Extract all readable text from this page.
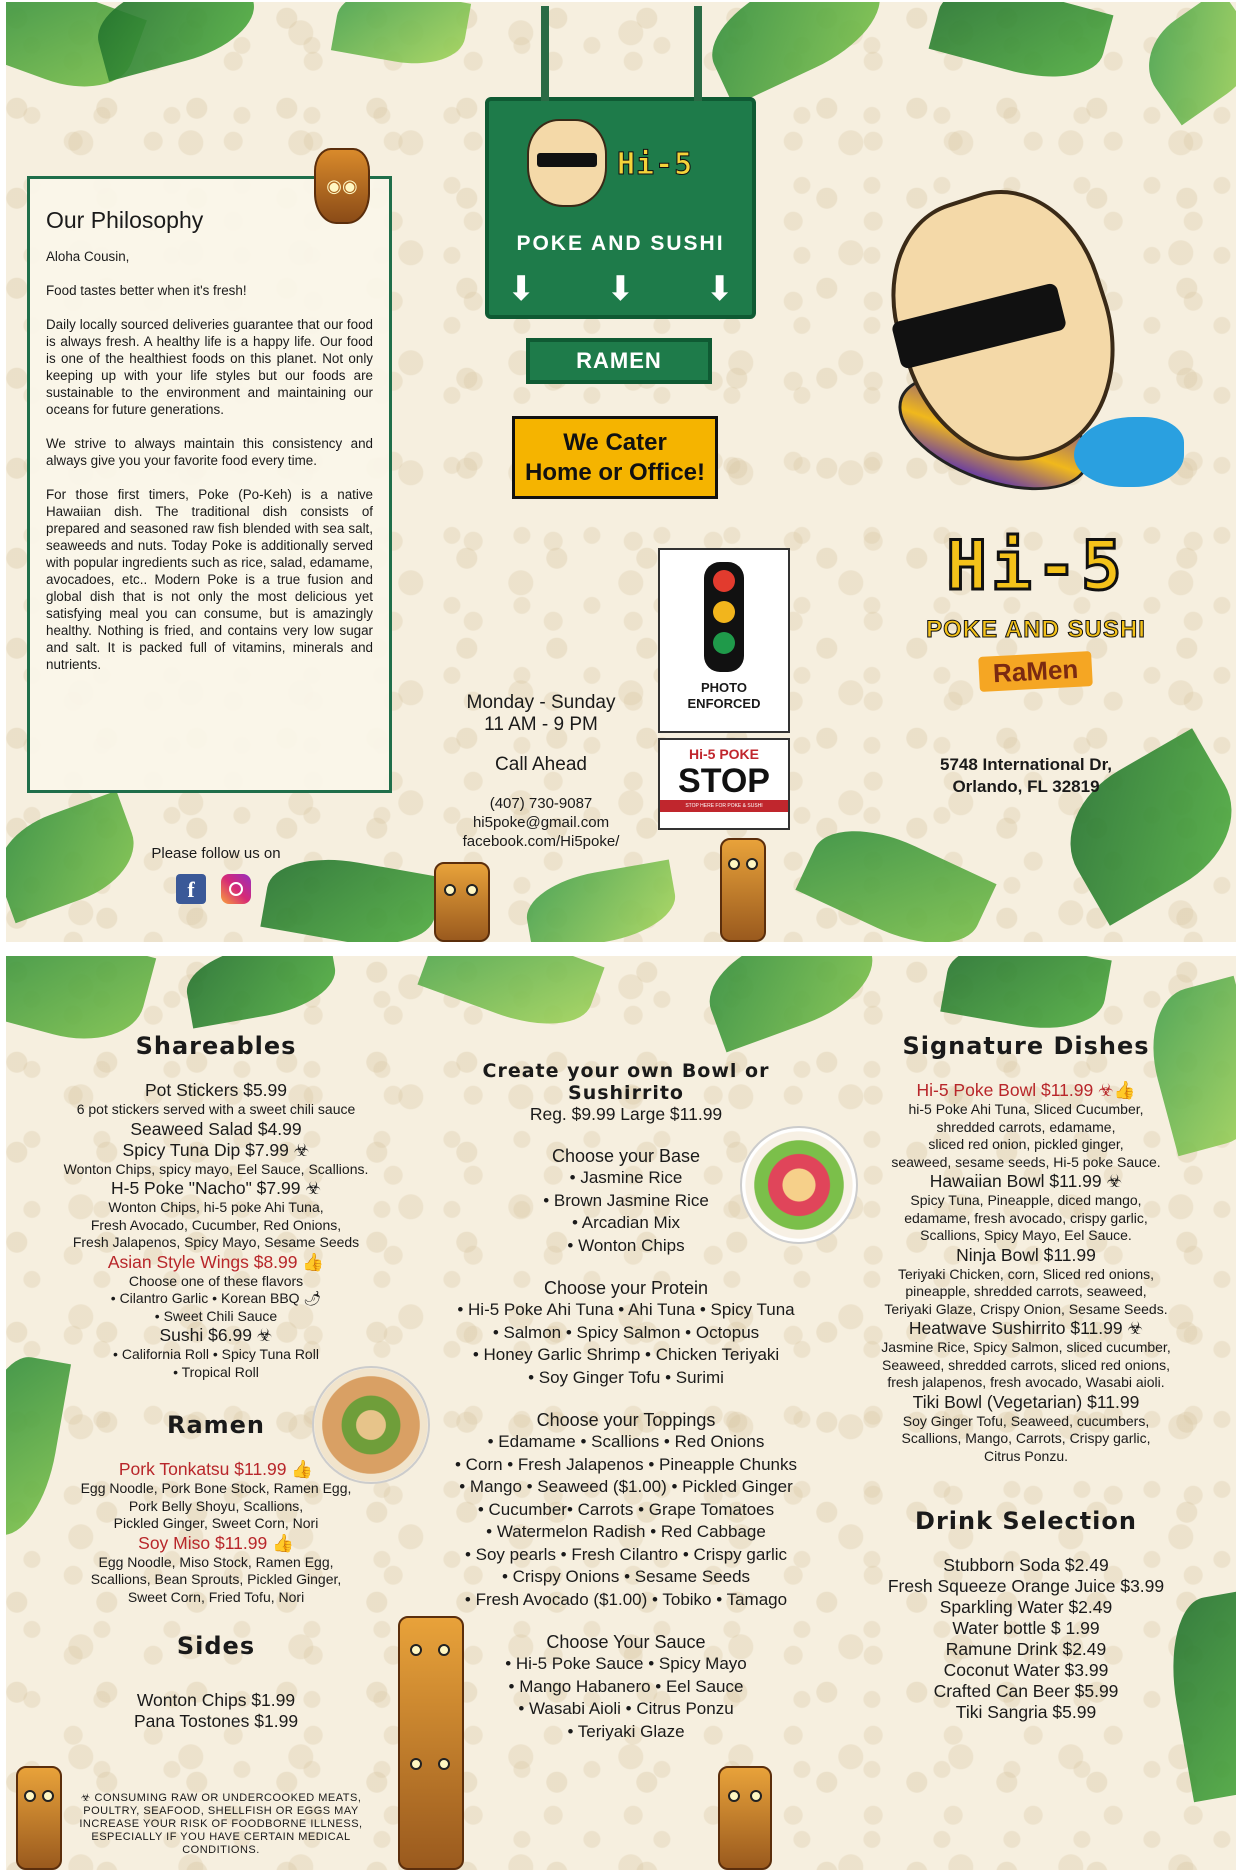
Our Philosophy

Aloha Cousin,

Food tastes better when it's fresh!

Daily locally sourced deliveries guarantee that our food is always fresh. A healthy life is a happy life. Our food is one of the healthiest foods on this planet. Not only keeping up with your life styles but our foods are sustainable to the environment and maintaining our oceans for future generations.

We strive to always maintain this consistency and always give you your favorite food every time.

For those first timers, Poke (Po-Keh) is a native Hawaiian dish. The traditional dish consists of prepared and seasoned raw fish blended with sea salt, seaweeds and nuts. Today Poke is additionally served with popular ingredients such as rice, salad, edamame, avocadoes, etc.. Modern Poke is a true fusion and global dish that is not only the most delicious yet satisfying meal you can consume, but is amazingly healthy. Nothing is fried, and contains very low sugar and salt. It is packed full of vitamins, minerals and nutrients.

◉◉
Hi-5
POKE AND SUSHI
⬇ ⬇ ⬇
RAMEN
We Cater
Home or Office!
Monday - Sunday
11 AM - 9 PM
Call Ahead
(407) 730-9087
hi5poke@gmail.com
facebook.com/Hi5poke/
PHOTO
ENFORCED
Hi-5 POKE
STOP
STOP HERE FOR POKE & SUSHI
Hi-5
POKE AND SUSHI
RaMen
5748 International Dr,
Orlando, FL 32819
Please follow us on
f
Shareables
Pot Stickers $5.99
6 pot stickers served with a sweet chili sauce
Seaweed Salad $4.99
Spicy Tuna Dip $7.99 ☣
Wonton Chips, spicy mayo, Eel Sauce, Scallions.
H-5 Poke "Nacho" $7.99 ☣
Wonton Chips, hi-5 poke Ahi Tuna,
Fresh Avocado, Cucumber, Red Onions,
Fresh Jalapenos, Spicy Mayo, Sesame Seeds
Asian Style Wings $8.99 👍
Choose one of these flavors
• Cilantro Garlic • Korean BBQ 🌶
• Sweet Chili Sauce
Sushi $6.99 ☣
• California Roll • Spicy Tuna Roll
• Tropical Roll
Ramen
Pork Tonkatsu $11.99 👍
Egg Noodle, Pork Bone Stock, Ramen Egg,
Pork Belly Shoyu, Scallions,
Pickled Ginger, Sweet Corn, Nori
Soy Miso $11.99 👍
Egg Noodle, Miso Stock, Ramen Egg,
Scallions, Bean Sprouts, Pickled Ginger,
Sweet Corn, Fried Tofu, Nori
Sides
Wonton Chips $1.99
Pana Tostones $1.99
☣ CONSUMING RAW OR UNDERCOOKED MEATS, POULTRY, SEAFOOD, SHELLFISH OR EGGS MAY INCREASE YOUR RISK OF FOODBORNE ILLNESS, ESPECIALLY IF YOU HAVE CERTAIN MEDICAL CONDITIONS.
Create your own Bowl or Sushirrito
Reg. $9.99 Large $11.99
Choose your Base
• Jasmine Rice
• Brown Jasmine Rice
• Arcadian Mix
• Wonton Chips
Choose your Protein
• Hi-5 Poke Ahi Tuna • Ahi Tuna • Spicy Tuna
• Salmon • Spicy Salmon • Octopus
• Honey Garlic Shrimp • Chicken Teriyaki
• Soy Ginger Tofu • Surimi
Choose your Toppings
• Edamame • Scallions • Red Onions
• Corn • Fresh Jalapenos • Pineapple Chunks
• Mango • Seaweed ($1.00) • Pickled Ginger
• Cucumber• Carrots • Grape Tomatoes
• Watermelon Radish • Red Cabbage
• Soy pearls • Fresh Cilantro • Crispy garlic
• Crispy Onions • Sesame Seeds
• Fresh Avocado ($1.00) • Tobiko • Tamago
Choose Your Sauce
• Hi-5 Poke Sauce • Spicy Mayo
• Mango Habanero • Eel Sauce
• Wasabi Aioli • Citrus Ponzu
• Teriyaki Glaze
Signature Dishes
Hi-5 Poke Bowl $11.99 ☣👍
hi-5 Poke Ahi Tuna, Sliced Cucumber,
shredded carrots, edamame,
sliced red onion, pickled ginger,
seaweed, sesame seeds, Hi-5 poke Sauce.
Hawaiian Bowl $11.99 ☣
Spicy Tuna, Pineapple, diced mango,
edamame, fresh avocado, crispy garlic,
Scallions, Spicy Mayo, Eel Sauce.
Ninja Bowl $11.99
Teriyaki Chicken, corn, Sliced red onions,
pineapple, shredded carrots, seaweed,
Teriyaki Glaze, Crispy Onion, Sesame Seeds.
Heatwave Sushirrito $11.99 ☣
Jasmine Rice, Spicy Salmon, sliced cucumber,
Seaweed, shredded carrots, sliced red onions,
fresh jalapenos, fresh avocado, Wasabi aioli.
Tiki Bowl (Vegetarian) $11.99
Soy Ginger Tofu, Seaweed, cucumbers,
Scallions, Mango, Carrots, Crispy garlic,
Citrus Ponzu.
Drink Selection
Stubborn Soda $2.49
Fresh Squeeze Orange Juice $3.99
Sparkling Water $2.49
Water bottle $ 1.99
Ramune Drink $2.49
Coconut Water $3.99
Crafted Can Beer $5.99
Tiki Sangria $5.99
